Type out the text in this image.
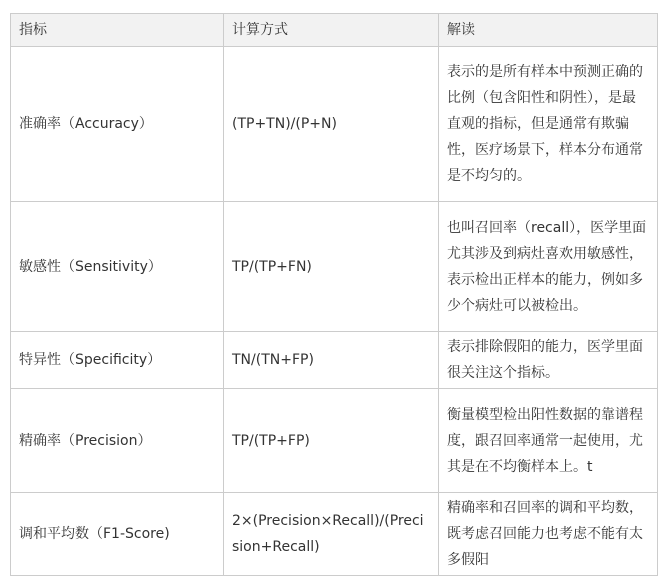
指标	计算方式	解读
准确率（Accuracy）	(TP+TN)/(P+N)	表示的是所有样本中预测正确的比例（包含阳性和阴性），是最直观的指标，但是通常有欺骗性，医疗场景下，样本分布通常是不均匀的。
敏感性（Sensitivity）	TP/(TP+FN)	也叫召回率（recall），医学里面尤其涉及到病灶喜欢用敏感性，表示检出正样本的能力，例如多少个病灶可以被检出。
特异性（Specificity）	TN/(TN+FP)	表示排除假阳的能力，医学里面很关注这个指标。
精确率（Precision）	TP/(TP+FP)	衡量模型检出阳性数据的靠谱程度，跟召回率通常一起使用，尤其是在不均衡样本上。t
调和平均数（F1-Score)	2×(Precision×Recall)/(Precision+Recall)	精确率和召回率的调和平均数，既考虑召回能力也考虑不能有太多假阳
